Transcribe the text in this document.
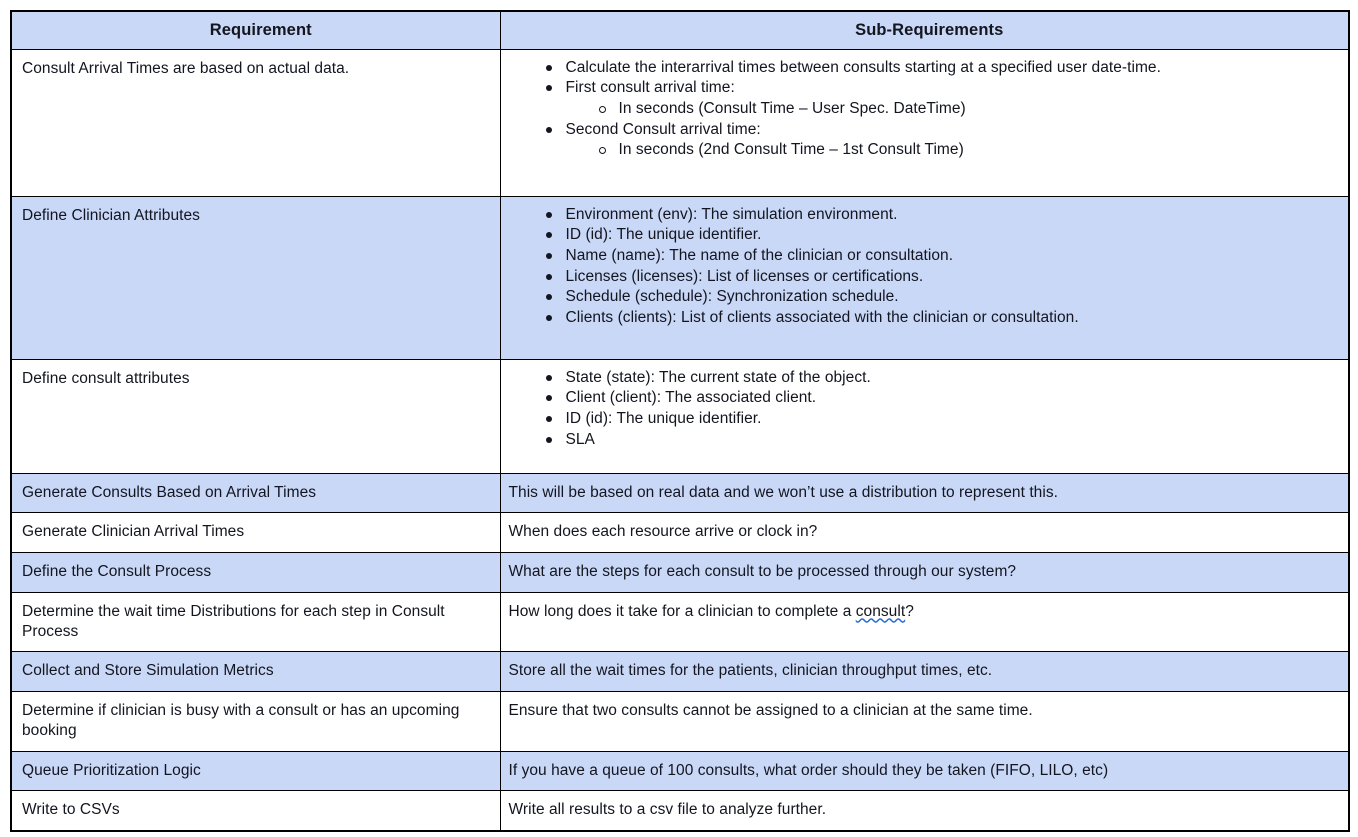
Requirement	Sub-Requirements

Consult Arrival Times are based on actual data.	Calculate the interarrival times between consults starting at a specified user date-time.
First consult arrival time:
In seconds (Consult Time – User Spec. DateTime)
Second Consult arrival time:
In seconds (2nd Consult Time – 1st Consult Time)

Define Clinician Attributes	Environment (env): The simulation environment.
ID (id): The unique identifier.
Name (name): The name of the clinician or consultation.
Licenses (licenses): List of licenses or certifications.
Schedule (schedule): Synchronization schedule.
Clients (clients): List of clients associated with the clinician or consultation.

Define consult attributes	State (state): The current state of the object.
Client (client): The associated client.
ID (id): The unique identifier.
SLA

Generate Consults Based on Arrival Times	This will be based on real data and we won’t use a distribution to represent this.

Generate Clinician Arrival Times	When does each resource arrive or clock in?

Define the Consult Process	What are the steps for each consult to be processed through our system?

Determine the wait time Distributions for each step in Consult Process	How long does it take for a clinician to complete a consult?

Collect and Store Simulation Metrics	Store all the wait times for the patients, clinician throughput times, etc.

Determine if clinician is busy with a consult or has an upcoming booking	Ensure that two consults cannot be assigned to a clinician at the same time.

Queue Prioritization Logic	If you have a queue of 100 consults, what order should they be taken (FIFO, LILO, etc)

Write to CSVs	Write all results to a csv file to analyze further.
